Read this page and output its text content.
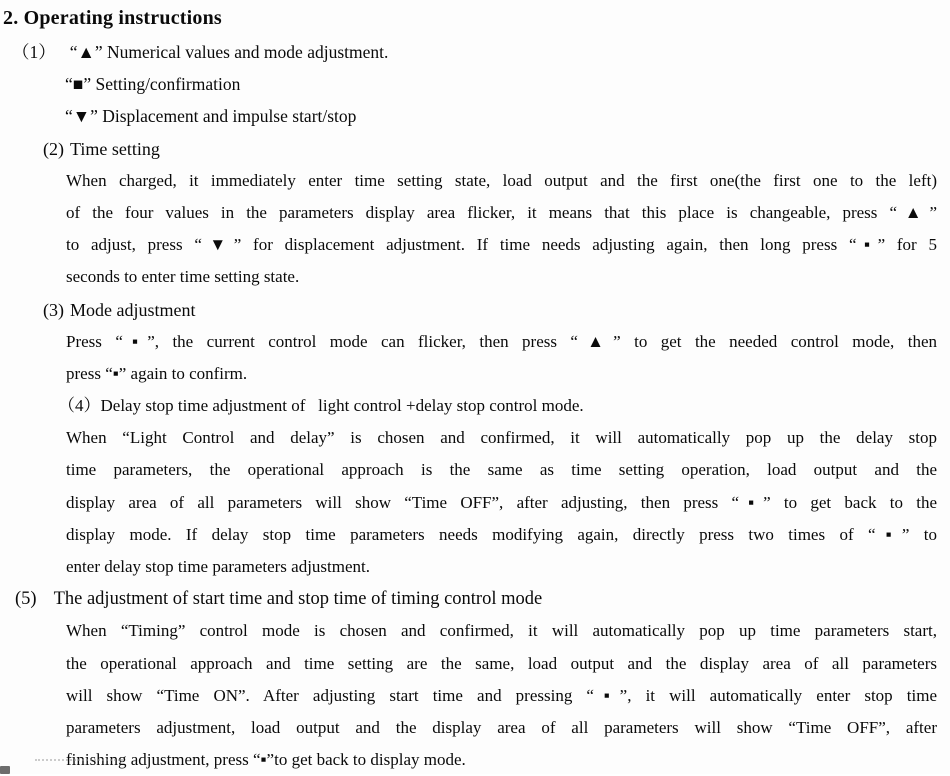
2. Operating instructions
（1） “▲” Numerical values and mode adjustment.
“■” Setting/confirmation
“▼” Displacement and impulse start/stop
(2) Time setting
When charged, it immediately enter time setting state, load output and the first one(the first one to the left)
of the four values in the parameters display area flicker, it means that this place is changeable, press “▲”
to adjust, press “▼” for displacement adjustment. If time needs adjusting again, then long press “▪” for 5
seconds to enter time setting state.
(3) Mode adjustment
Press “▪”, the current control mode can flicker, then press “▲” to get the needed control mode, then
press “▪” again to confirm.
（4）Delay stop time adjustment of  light control +delay stop control mode.
When “Light Control and delay” is chosen and confirmed, it will automatically pop up the delay stop
time parameters, the operational approach is the same as time setting operation, load output and the
display area of all parameters will show “Time OFF”, after adjusting, then press “▪” to get back to the
display mode. If delay stop time parameters needs modifying again, directly press two times of “▪” to
enter delay stop time parameters adjustment.
(5) The adjustment of start time and stop time of timing control mode
When “Timing” control mode is chosen and confirmed, it will automatically pop up time parameters start,
the operational approach and time setting are the same, load output and the display area of all parameters
will show “Time ON”. After adjusting start time and pressing “▪”, it will automatically enter stop time
parameters adjustment, load output and the display area of all parameters will show “Time OFF”, after
finishing adjustment, press “▪”to get back to display mode.
